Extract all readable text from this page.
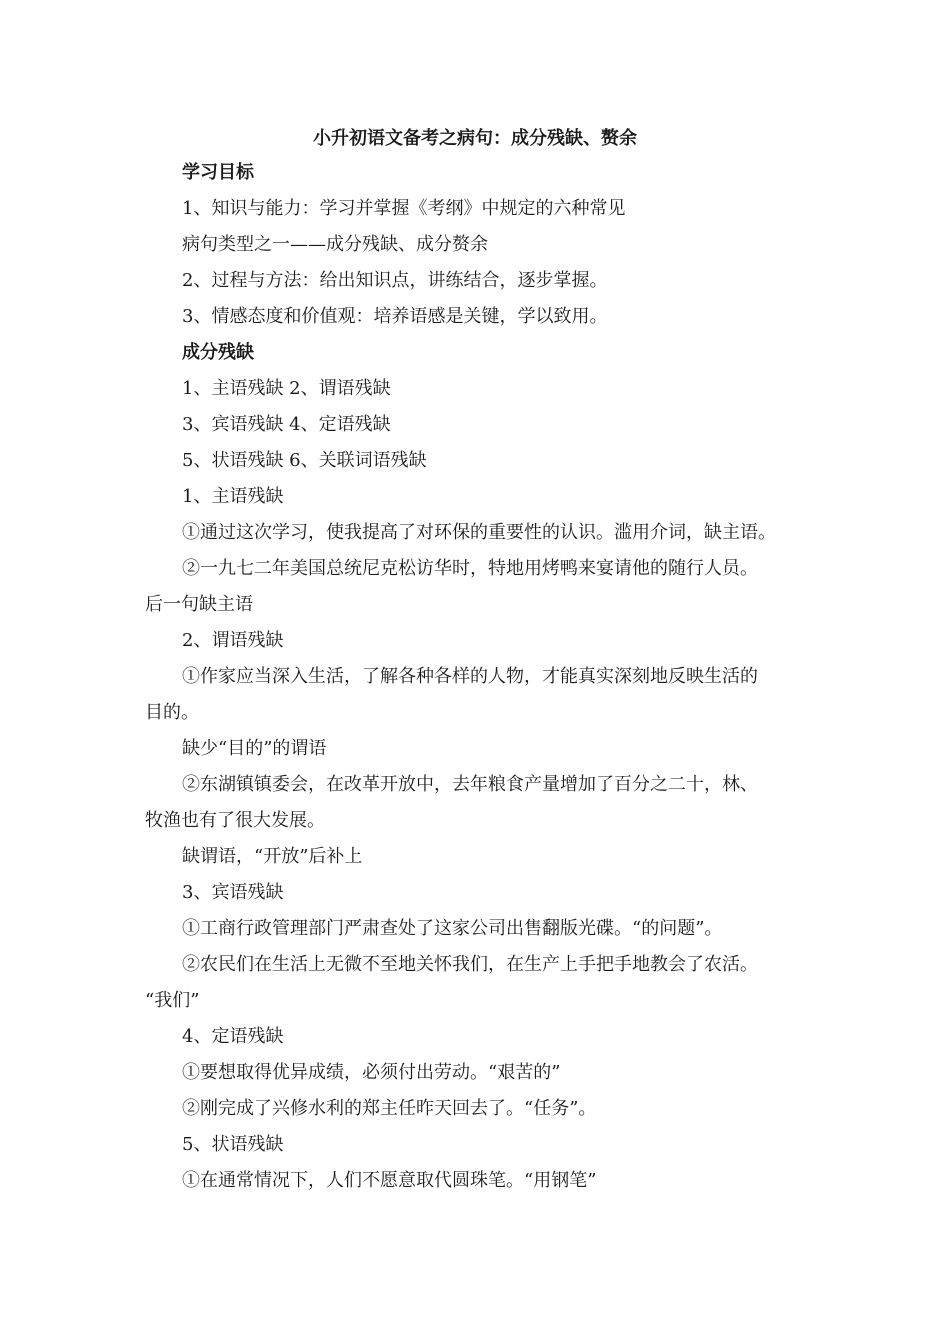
小升初语文备考之病句：成分残缺、赘余

学习目标

1、知识与能力：学习并掌握《考纲》中规定的六种常见

病句类型之一——成分残缺、成分赘余

2、过程与方法：给出知识点，讲练结合，逐步掌握。

3、情感态度和价值观：培养语感是关键，学以致用。

成分残缺

1、主语残缺 2、谓语残缺

3、宾语残缺 4、定语残缺

5、状语残缺 6、关联词语残缺

1、主语残缺

①通过这次学习，使我提高了对环保的重要性的认识。滥用介词，缺主语。

②一九七二年美国总统尼克松访华时，特地用烤鸭来宴请他的随行人员。

后一句缺主语

2、谓语残缺

①作家应当深入生活，了解各种各样的人物，才能真实深刻地反映生活的

目的。

缺少“目的”的谓语

②东湖镇镇委会，在改革开放中，去年粮食产量增加了百分之二十，林、

牧渔也有了很大发展。

缺谓语，“开放”后补上

3、宾语残缺

①工商行政管理部门严肃查处了这家公司出售翻版光碟。“的问题”。

②农民们在生活上无微不至地关怀我们，在生产上手把手地教会了农活。

“我们”

4、定语残缺

①要想取得优异成绩，必须付出劳动。“艰苦的”

②刚完成了兴修水利的郑主任昨天回去了。“任务”。

5、状语残缺

①在通常情况下，人们不愿意取代圆珠笔。“用钢笔”
